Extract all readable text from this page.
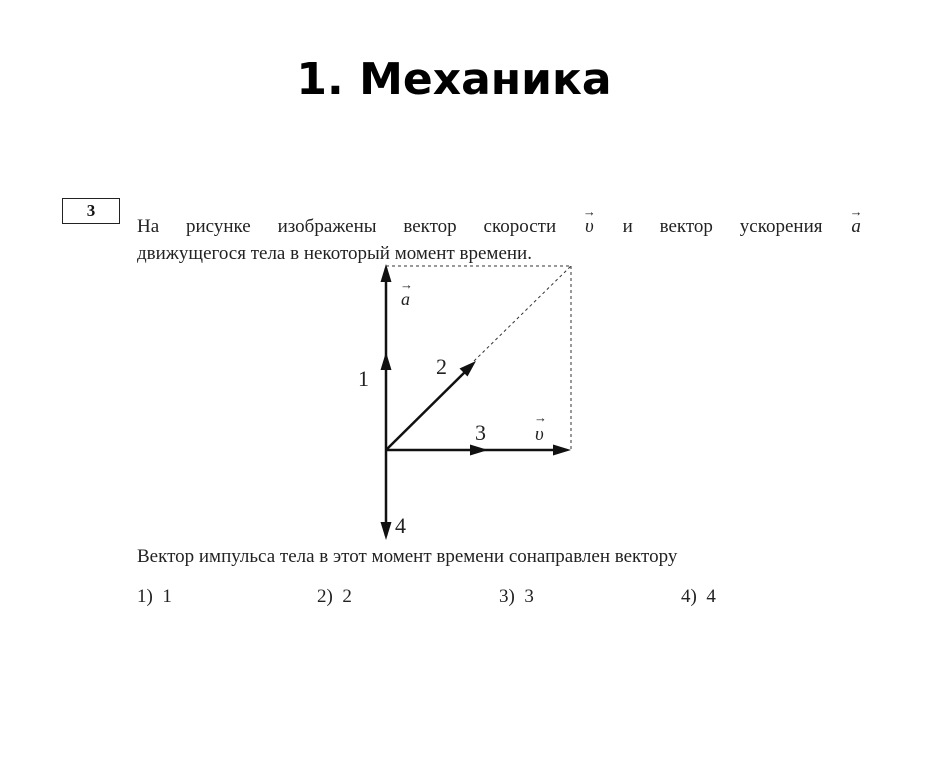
1. Механика
3
На рисунке изображены вектор скорости
→
υ и вектор ускорения
→
a
движущегося тела в некоторый момент времени.
1	2
3
4
→
a
→
υ
Вектор импульса тела в этот момент времени сонаправлен вектору
1) 1	2) 2	3) 3	4) 4
